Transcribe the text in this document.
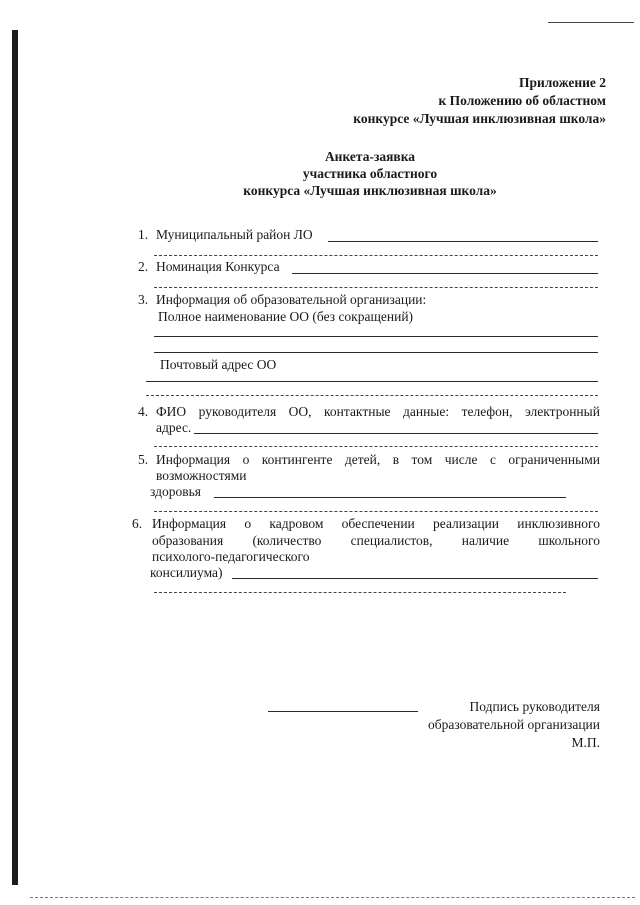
Приложение 2
к Положению об областном
конкурсе «Лучшая инклюзивная школа»
Анкета-заявка
участника областного
конкурса «Лучшая инклюзивная школа»
1. Муниципальный район ЛО
2. Номинация Конкурса
3. Информация об образовательной организации:
Полное наименование ОО (без сокращений)
Почтовый адрес ОО
4. ФИО руководителя ОО, контактные данные: телефон, электронный
адрес.
5. Информация о контингенте детей, в том числе с ограниченными
возможностями
здоровья
6. Информация о кадровом обеспечении реализации инклюзивного
образования (количество специалистов, наличие школьного
психолого-педагогического
консилиума)
Подпись руководителя
образовательной организации
М.П.
